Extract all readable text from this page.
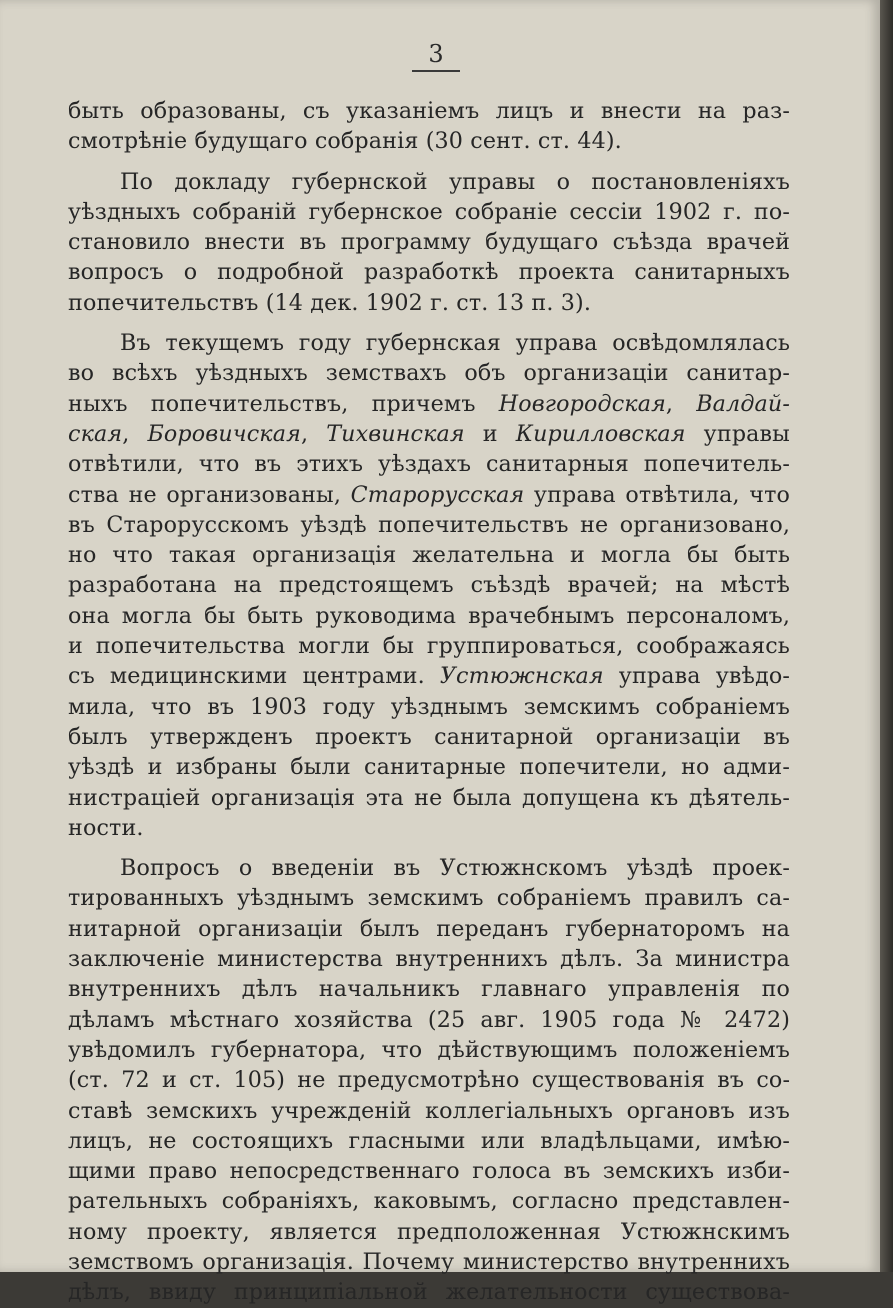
3
быть образованы, съ указаніемъ лицъ и внести на раз-
смотрѣніе будущаго собранія (30 сент. ст. 44).
По докладу губернской управы о постановленіяхъ
уѣздныхъ собраній губернское собраніе сессіи 1902 г. по-
становило внести въ программу будущаго съѣзда врачей
вопросъ о подробной разработкѣ проекта санитарныхъ
попечительствъ (14 дек. 1902 г. ст. 13 п. 3).
Въ текущемъ году губернская управа освѣдомлялась
во всѣхъ уѣздныхъ земствахъ объ организаціи санитар-
ныхъ попечительствъ, причемъ Новгородская, Валдай-
ская, Боровичская, Тихвинская и Кирилловская управы
отвѣтили, что въ этихъ уѣздахъ санитарныя попечитель-
ства не организованы, Старорусская управа отвѣтила, что
въ Старорусскомъ уѣздѣ попечительствъ не организовано,
но что такая организація желательна и могла бы быть
разработана на предстоящемъ съѣздѣ врачей; на мѣстѣ
она могла бы быть руководима врачебнымъ персоналомъ,
и попечительства могли бы группироваться, соображаясь
съ медицинскими центрами. Устюжнская управа увѣдо-
мила, что въ 1903 году уѣзднымъ земскимъ собраніемъ
былъ утвержденъ проектъ санитарной организаціи въ
уѣздѣ и избраны были санитарные попечители, но адми-
нистраціей организація эта не была допущена къ дѣятель-
ности.
Вопросъ о введеніи въ Устюжнскомъ уѣздѣ проек-
тированныхъ уѣзднымъ земскимъ собраніемъ правилъ са-
нитарной организаціи былъ переданъ губернаторомъ на
заключеніе министерства внутреннихъ дѣлъ. За министра
внутреннихъ дѣлъ начальникъ главнаго управленія по
дѣламъ мѣстнаго хозяйства (25 авг. 1905 года № 2472)
увѣдомилъ губернатора, что дѣйствующимъ положеніемъ
(ст. 72 и ст. 105) не предусмотрѣно существованія въ со-
ставѣ земскихъ учрежденій коллегіальныхъ органовъ изъ
лицъ, не состоящихъ гласными или владѣльцами, имѣю-
щими право непосредственнаго голоса въ земскихъ изби-
рательныхъ собраніяхъ, каковымъ, согласно представлен-
ному проекту, является предположенная Устюжнскимъ
земствомъ организація. Почему министерство внутреннихъ
дѣлъ, ввиду принципіальной желательности существова-
